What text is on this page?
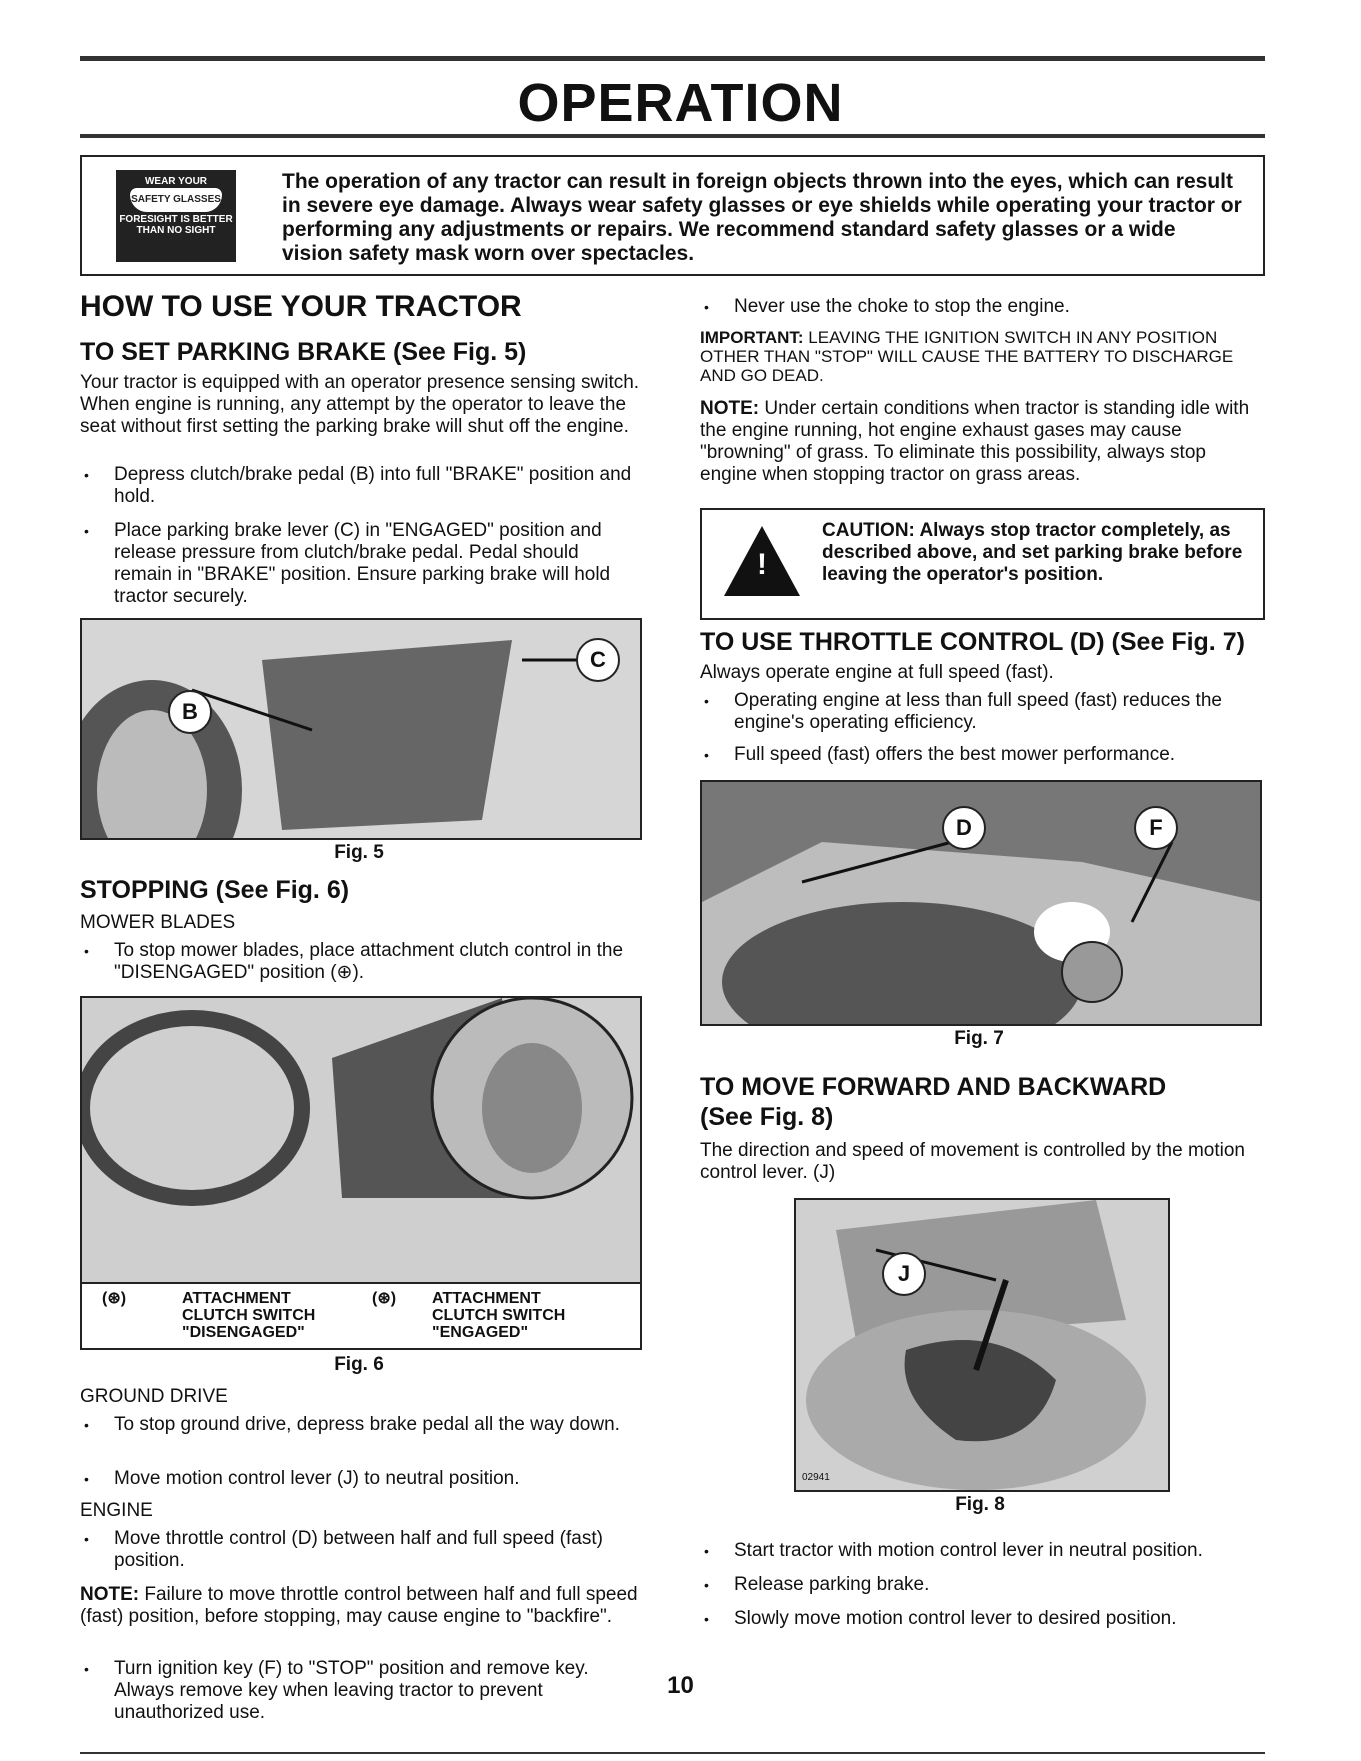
OPERATION
WEAR YOUR
SAFETY GLASSES
FORESIGHT IS BETTER THAN NO SIGHT
The operation of any tractor can result in foreign objects thrown into the eyes, which can result in severe eye damage. Always wear safety glasses or eye shields while operating your tractor or performing any adjustments or repairs. We recommend standard safety glasses or a wide vision safety mask worn over spectacles.
HOW TO USE YOUR TRACTOR
TO SET PARKING BRAKE (See Fig. 5)
Your tractor is equipped with an operator presence sensing switch. When engine is running, any attempt by the operator to leave the seat without first setting the parking brake will shut off the engine.
• Depress clutch/brake pedal (B) into full "BRAKE" position and hold.
• Place parking brake lever (C) in "ENGAGED" position and release pressure from clutch/brake pedal. Pedal should remain in "BRAKE" position. Ensure parking brake will hold tractor securely.
B
C
Fig. 5
STOPPING (See Fig. 6)
MOWER BLADES
• To stop mower blades, place attachment clutch control in the "DISENGAGED" position (⊕).
(⊛)	ATTACHMENT
CLUTCH SWITCH
"DISENGAGED"
(⊛) ATTACHMENT
CLUTCH SWITCH
"ENGAGED"
Fig. 6
GROUND DRIVE
• To stop ground drive, depress brake pedal all the way down.
• Move motion control lever (J) to neutral position.
ENGINE
• Move throttle control (D) between half and full speed (fast) position.
NOTE: Failure to move throttle control between half and full speed (fast) position, before stopping, may cause engine to "backfire".
• Turn ignition key (F) to "STOP" position and remove key. Always remove key when leaving tractor to prevent unauthorized use.
• Never use the choke to stop the engine.
IMPORTANT: LEAVING THE IGNITION SWITCH IN ANY POSITION OTHER THAN "STOP" WILL CAUSE THE BATTERY TO DISCHARGE AND GO DEAD.
NOTE: Under certain conditions when tractor is standing idle with the engine running, hot engine exhaust gases may cause "browning" of grass. To eliminate this possibility, always stop engine when stopping tractor on grass areas.
!
CAUTION: Always stop tractor completely, as described above, and set parking brake before leaving the operator's position.
TO USE THROTTLE CONTROL (D) (See Fig. 7)
Always operate engine at full speed (fast).
• Operating engine at less than full speed (fast) reduces the engine's operating efficiency.
• Full speed (fast) offers the best mower performance.
D	F
Fig. 7
TO MOVE FORWARD AND BACKWARD (See Fig. 8)
The direction and speed of movement is controlled by the motion control lever. (J)
J
02941
Fig. 8
• Start tractor with motion control lever in neutral position.
• Release parking brake.
• Slowly move motion control lever to desired position.
10
